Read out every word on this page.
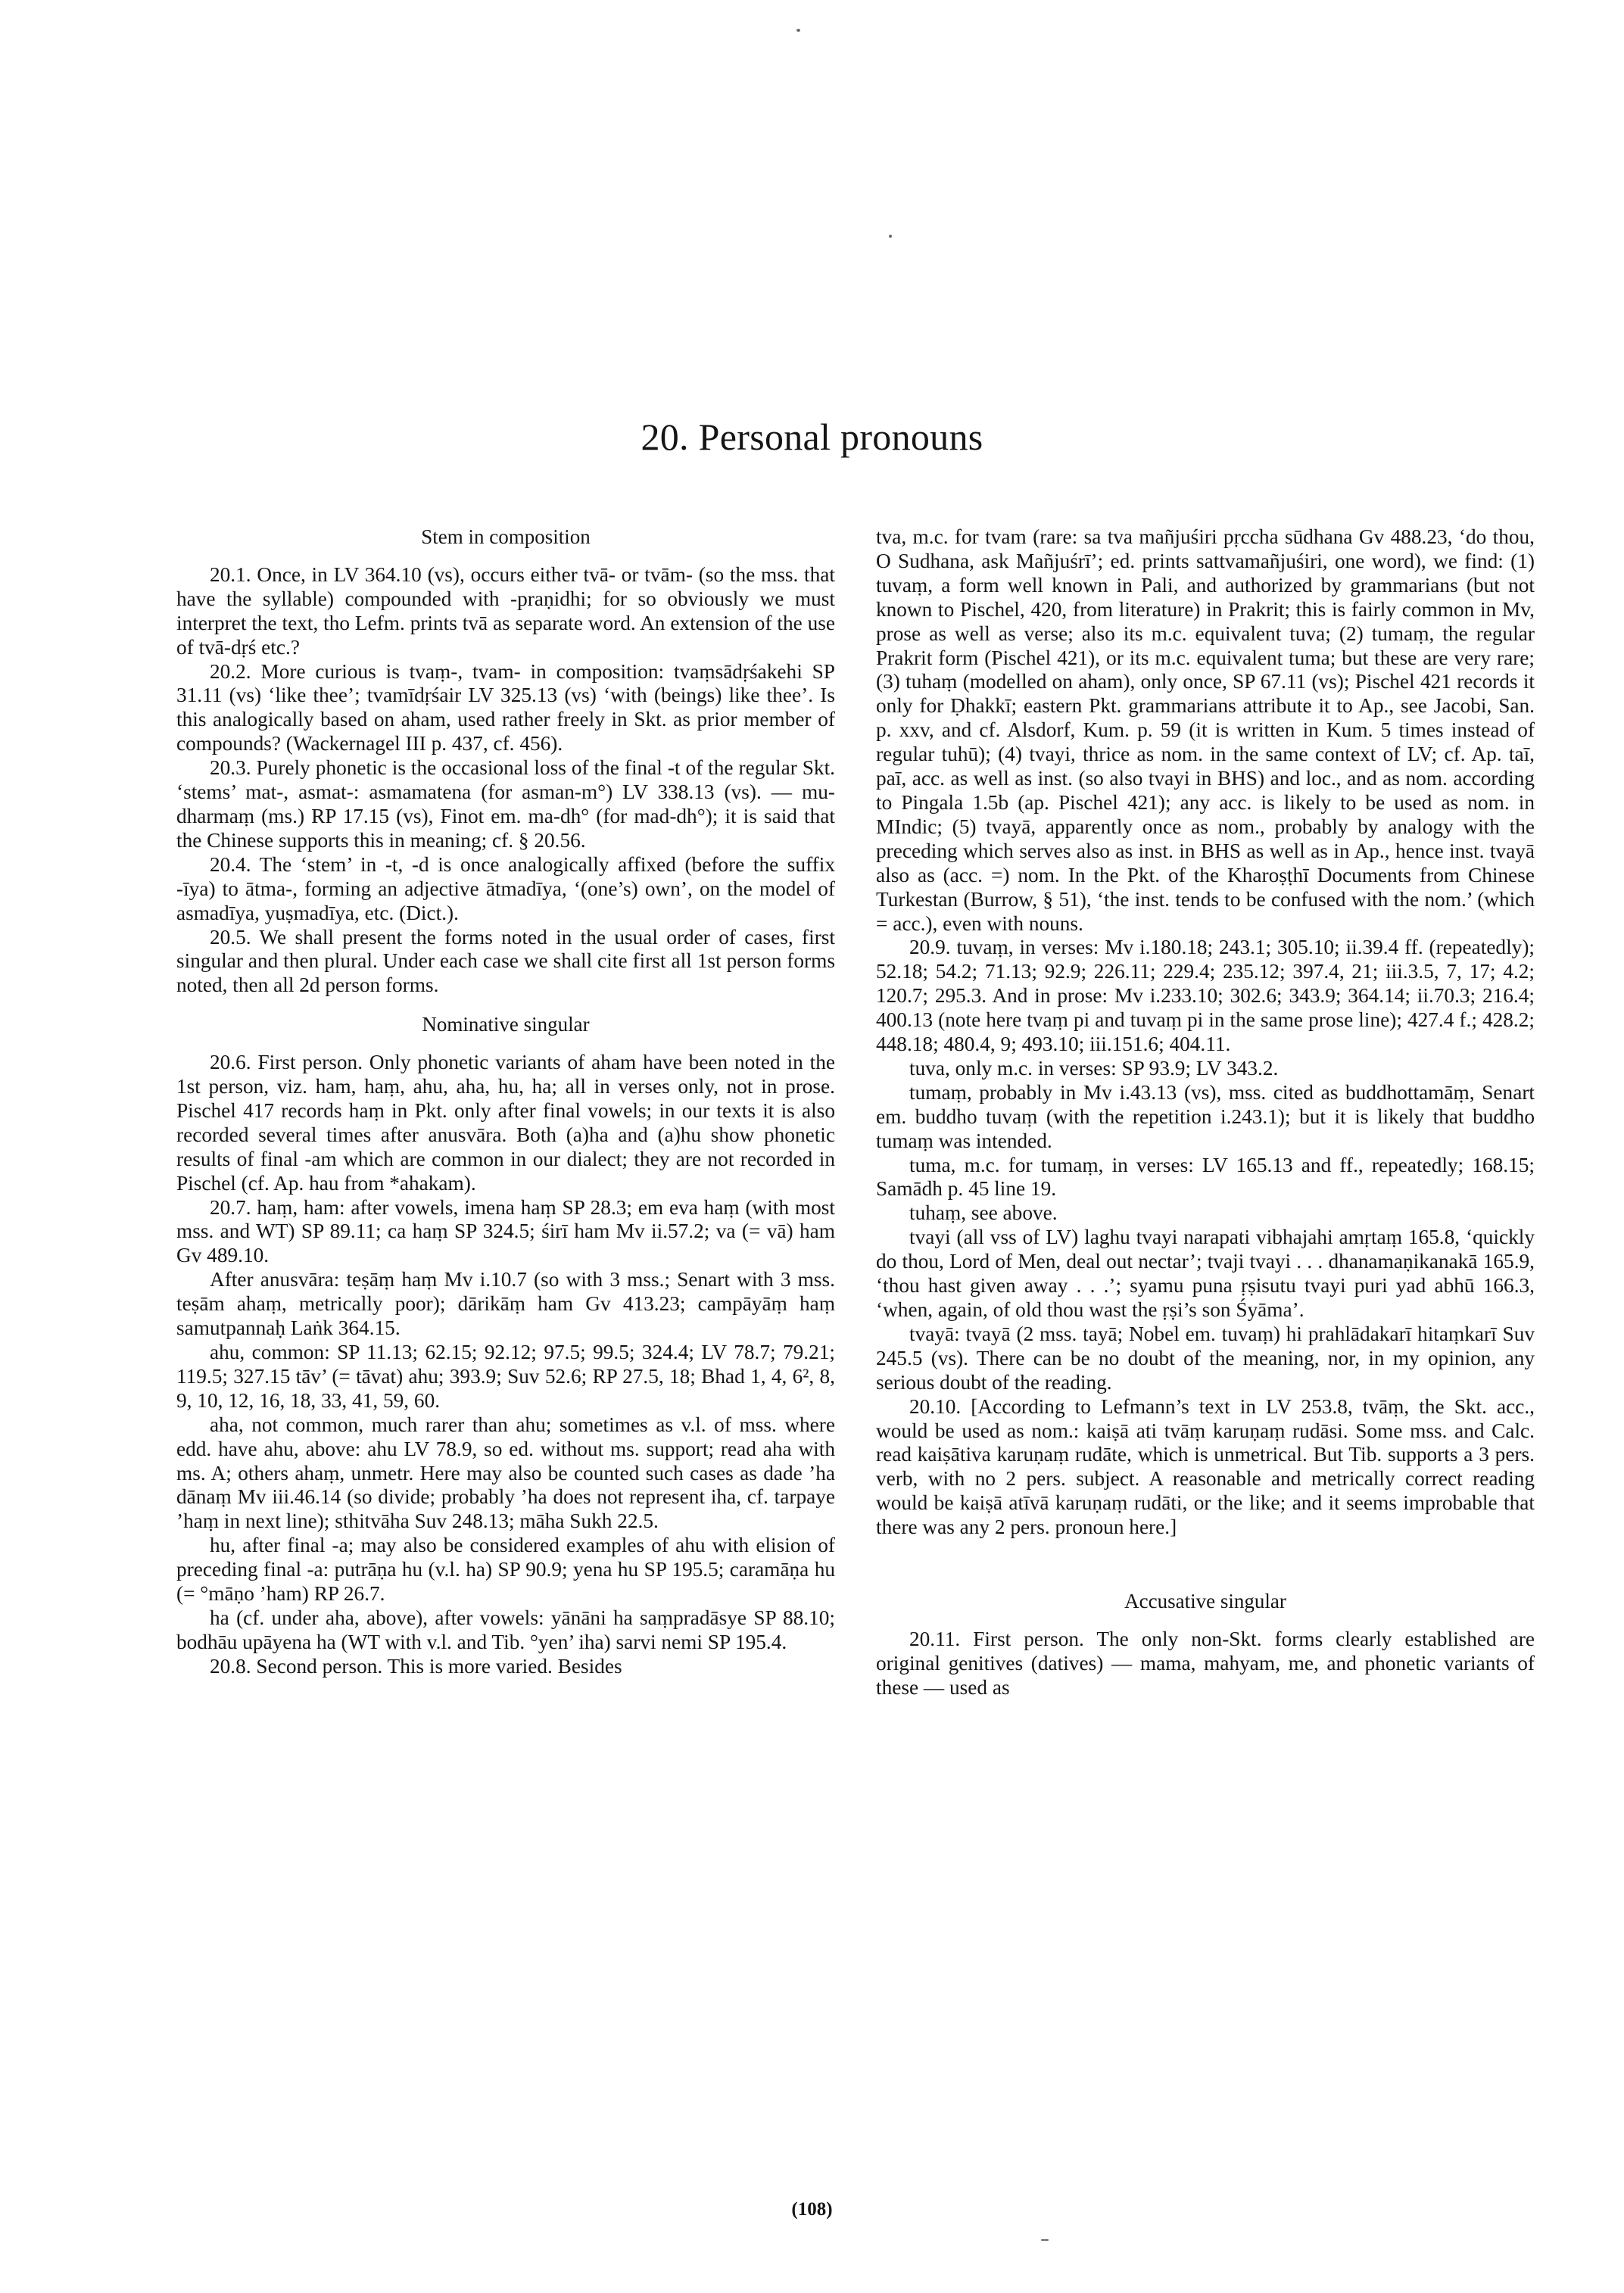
20. Personal pronouns

Stem in composition

20.1. Once, in LV 364.10 (vs), occurs either tvā- or tvām- (so the mss. that have the syllable) compounded with -praṇidhi; for so obviously we must interpret the text, tho Lefm. prints tvā as separate word. An extension of the use of tvā-dṛś etc.?

20.2. More curious is tvaṃ-, tvam- in composition: tvaṃsādṛśakehi SP 31.11 (vs) ‘like thee’; tvamīdṛśair LV 325.13 (vs) ‘with (beings) like thee’. Is this analogically based on aham, used rather freely in Skt. as prior member of compounds? (Wackernagel III p. 437, cf. 456).

20.3. Purely phonetic is the occasional loss of the final -t of the regular Skt. ‘stems’ mat-, asmat-: asmamatena (for asman-m°) LV 338.13 (vs). — mu-dharmaṃ (ms.) RP 17.15 (vs), Finot em. ma-dh° (for mad-dh°); it is said that the Chinese supports this in meaning; cf. § 20.56.

20.4. The ‘stem’ in -t, -d is once analogically affixed (before the suffix -īya) to ātma-, forming an adjective ātmadīya, ‘(one’s) own’, on the model of asmadīya, yuṣmadīya, etc. (Dict.).

20.5. We shall present the forms noted in the usual order of cases, first singular and then plural. Under each case we shall cite first all 1st person forms noted, then all 2d person forms.

Nominative singular

20.6. First person. Only phonetic variants of aham have been noted in the 1st person, viz. ham, haṃ, ahu, aha, hu, ha; all in verses only, not in prose. Pischel 417 records haṃ in Pkt. only after final vowels; in our texts it is also recorded several times after anusvāra. Both (a)ha and (a)hu show phonetic results of final -am which are common in our dialect; they are not recorded in Pischel (cf. Ap. hau from *ahakam).

20.7. haṃ, ham: after vowels, imena haṃ SP 28.3; em eva haṃ (with most mss. and WT) SP 89.11; ca haṃ SP 324.5; śirī ham Mv ii.57.2; va (= vā) ham Gv 489.10.

After anusvāra: teṣāṃ haṃ Mv i.10.7 (so with 3 mss.; Senart with 3 mss. teṣām ahaṃ, metrically poor); dārikāṃ ham Gv 413.23; campāyāṃ haṃ samutpannaḥ Laṅk 364.15.

ahu, common: SP 11.13; 62.15; 92.12; 97.5; 99.5; 324.4; LV 78.7; 79.21; 119.5; 327.15 tāv’ (= tāvat) ahu; 393.9; Suv 52.6; RP 27.5, 18; Bhad 1, 4, 6², 8, 9, 10, 12, 16, 18, 33, 41, 59, 60.

aha, not common, much rarer than ahu; sometimes as v.l. of mss. where edd. have ahu, above: ahu LV 78.9, so ed. without ms. support; read aha with ms. A; others ahaṃ, unmetr. Here may also be counted such cases as dade ’ha dānaṃ Mv iii.46.14 (so divide; probably ’ha does not represent iha, cf. tarpaye ’haṃ in next line); sthitvāha Suv 248.13; māha Sukh 22.5.

hu, after final -a; may also be considered examples of ahu with elision of preceding final -a: putrāṇa hu (v.l. ha) SP 90.9; yena hu SP 195.5; caramāṇa hu (= °māṇo ’ham) RP 26.7.

ha (cf. under aha, above), after vowels: yānāni ha saṃpradāsye SP 88.10; bodhāu upāyena ha (WT with v.l. and Tib. °yen’ iha) sarvi nemi SP 195.4.

20.8. Second person. This is more varied. Besides

tva, m.c. for tvam (rare: sa tva mañjuśiri pṛccha sūdhana Gv 488.23, ‘do thou, O Sudhana, ask Mañjuśrī’; ed. prints sattvamañjuśiri, one word), we find: (1) tuvaṃ, a form well known in Pali, and authorized by grammarians (but not known to Pischel, 420, from literature) in Prakrit; this is fairly common in Mv, prose as well as verse; also its m.c. equivalent tuva; (2) tumaṃ, the regular Prakrit form (Pischel 421), or its m.c. equivalent tuma; but these are very rare; (3) tuhaṃ (modelled on aham), only once, SP 67.11 (vs); Pischel 421 records it only for Ḍhakkī; eastern Pkt. grammarians attribute it to Ap., see Jacobi, San. p. xxv, and cf. Alsdorf, Kum. p. 59 (it is written in Kum. 5 times instead of regular tuhū); (4) tvayi, thrice as nom. in the same context of LV; cf. Ap. taī, paī, acc. as well as inst. (so also tvayi in BHS) and loc., and as nom. according to Pingala 1.5b (ap. Pischel 421); any acc. is likely to be used as nom. in MIndic; (5) tvayā, apparently once as nom., probably by analogy with the preceding which serves also as inst. in BHS as well as in Ap., hence inst. tvayā also as (acc. =) nom. In the Pkt. of the Kharoṣṭhī Documents from Chinese Turkestan (Burrow, § 51), ‘the inst. tends to be confused with the nom.’ (which = acc.), even with nouns.

20.9. tuvaṃ, in verses: Mv i.180.18; 243.1; 305.10; ii.39.4 ff. (repeatedly); 52.18; 54.2; 71.13; 92.9; 226.11; 229.4; 235.12; 397.4, 21; iii.3.5, 7, 17; 4.2; 120.7; 295.3. And in prose: Mv i.233.10; 302.6; 343.9; 364.14; ii.70.3; 216.4; 400.13 (note here tvaṃ pi and tuvaṃ pi in the same prose line); 427.4 f.; 428.2; 448.18; 480.4, 9; 493.10; iii.151.6; 404.11.

tuva, only m.c. in verses: SP 93.9; LV 343.2.

tumaṃ, probably in Mv i.43.13 (vs), mss. cited as buddhottamāṃ, Senart em. buddho tuvaṃ (with the repetition i.243.1); but it is likely that buddho tumaṃ was intended.

tuma, m.c. for tumaṃ, in verses: LV 165.13 and ff., repeatedly; 168.15; Samādh p. 45 line 19.

tuhaṃ, see above.

tvayi (all vss of LV) laghu tvayi narapati vibhajahi amṛtaṃ 165.8, ‘quickly do thou, Lord of Men, deal out nectar’; tvaji tvayi . . . dhanamaṇikanakā 165.9, ‘thou hast given away . . .’; syamu puna ṛṣisutu tvayi puri yad abhū 166.3, ‘when, again, of old thou wast the ṛṣi’s son Śyāma’.

tvayā: tvayā (2 mss. tayā; Nobel em. tuvaṃ) hi prahlādakarī hitaṃkarī Suv 245.5 (vs). There can be no doubt of the meaning, nor, in my opinion, any serious doubt of the reading.

20.10. [According to Lefmann’s text in LV 253.8, tvāṃ, the Skt. acc., would be used as nom.: kaiṣā ati tvāṃ karuṇaṃ rudāsi. Some mss. and Calc. read kaiṣātiva karuṇaṃ rudāte, which is unmetrical. But Tib. supports a 3 pers. verb, with no 2 pers. subject. A reasonable and metrically correct reading would be kaiṣā atīvā karuṇaṃ rudāti, or the like; and it seems improbable that there was any 2 pers. pronoun here.]

Accusative singular

20.11. First person. The only non-Skt. forms clearly established are original genitives (datives) — mama, mahyam, me, and phonetic variants of these — used as

(108)
